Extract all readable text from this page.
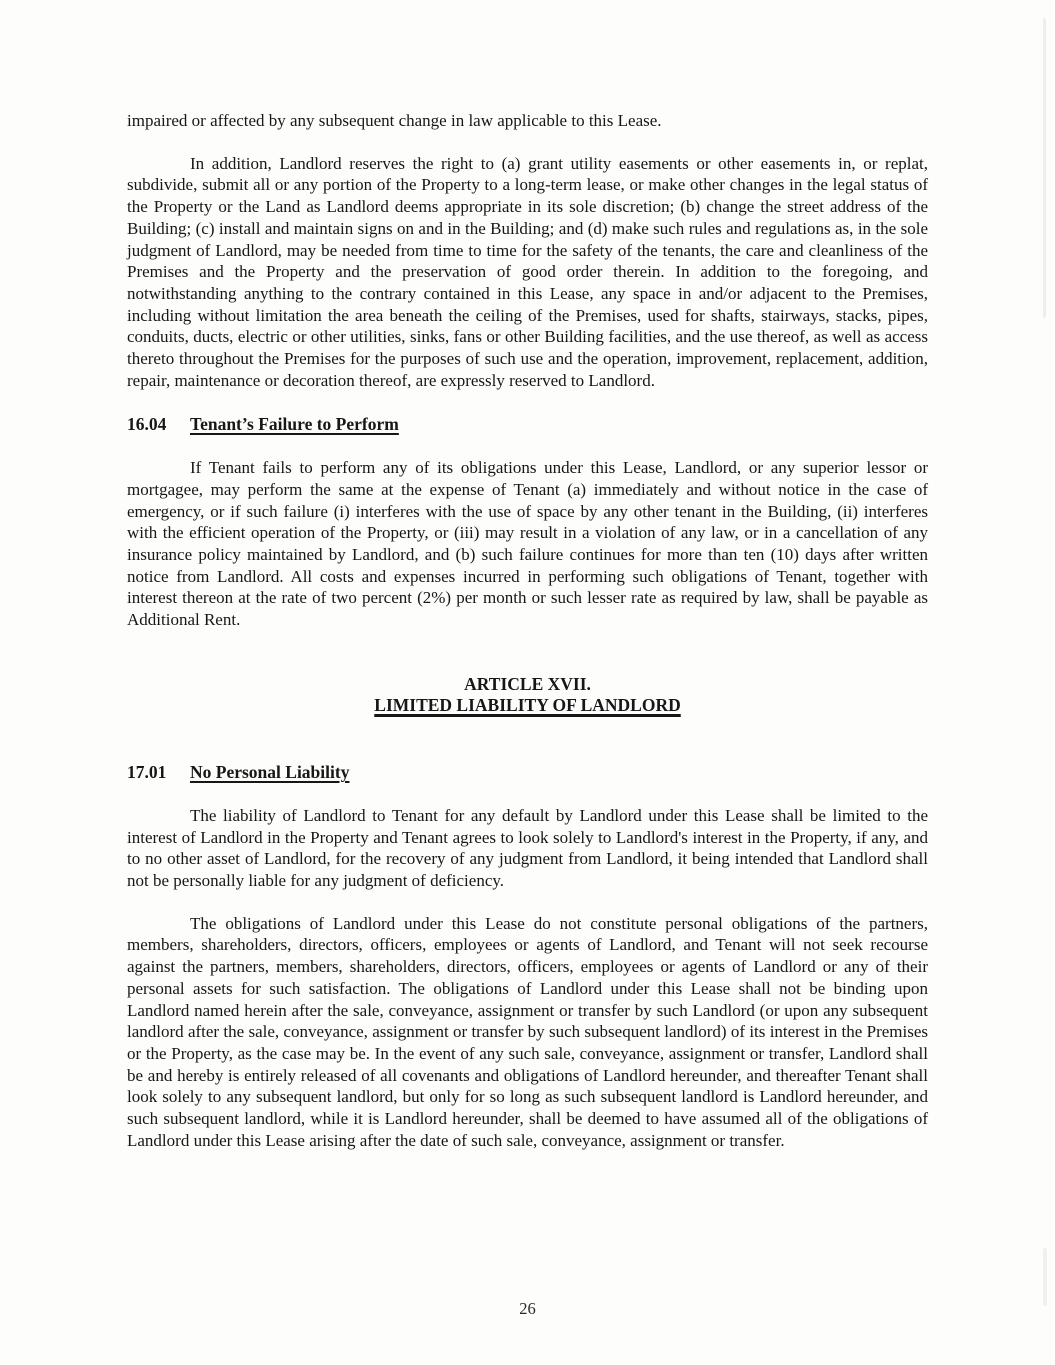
impaired or affected by any subsequent change in law applicable to this Lease.

In addition, Landlord reserves the right to (a) grant utility easements or other easements in, or replat, subdivide, submit all or any portion of the Property to a long-term lease, or make other changes in the legal status of the Property or the Land as Landlord deems appropriate in its sole discretion; (b) change the street address of the Building; (c) install and maintain signs on and in the Building; and (d) make such rules and regulations as, in the sole judgment of Landlord, may be needed from time to time for the safety of the tenants, the care and cleanliness of the Premises and the Property and the preservation of good order therein. In addition to the foregoing, and notwithstanding anything to the contrary contained in this Lease, any space in and/or adjacent to the Premises, including without limitation the area beneath the ceiling of the Premises, used for shafts, stairways, stacks, pipes, conduits, ducts, electric or other utilities, sinks, fans or other Building facilities, and the use thereof, as well as access thereto throughout the Premises for the purposes of such use and the operation, improvement, replacement, addition, repair, maintenance or decoration thereof, are expressly reserved to Landlord.

16.04 Tenant’s Failure to Perform

If Tenant fails to perform any of its obligations under this Lease, Landlord, or any superior lessor or mortgagee, may perform the same at the expense of Tenant (a) immediately and without notice in the case of emergency, or if such failure (i) interferes with the use of space by any other tenant in the Building, (ii) interferes with the efficient operation of the Property, or (iii) may result in a violation of any law, or in a cancellation of any insurance policy maintained by Landlord, and (b) such failure continues for more than ten (10) days after written notice from Landlord. All costs and expenses incurred in performing such obligations of Tenant, together with interest thereon at the rate of two percent (2%) per month or such lesser rate as required by law, shall be payable as Additional Rent.

ARTICLE XVII.
LIMITED LIABILITY OF LANDLORD
17.01 No Personal Liability

The liability of Landlord to Tenant for any default by Landlord under this Lease shall be limited to the interest of Landlord in the Property and Tenant agrees to look solely to Landlord's interest in the Property, if any, and to no other asset of Landlord, for the recovery of any judgment from Landlord, it being intended that Landlord shall not be personally liable for any judgment of deficiency.

The obligations of Landlord under this Lease do not constitute personal obligations of the partners, members, shareholders, directors, officers, employees or agents of Landlord, and Tenant will not seek recourse against the partners, members, shareholders, directors, officers, employees or agents of Landlord or any of their personal assets for such satisfaction. The obligations of Landlord under this Lease shall not be binding upon Landlord named herein after the sale, conveyance, assignment or transfer by such Landlord (or upon any subsequent landlord after the sale, conveyance, assignment or transfer by such subsequent landlord) of its interest in the Premises or the Property, as the case may be. In the event of any such sale, conveyance, assignment or transfer, Landlord shall be and hereby is entirely released of all covenants and obligations of Landlord hereunder, and thereafter Tenant shall look solely to any subsequent landlord, but only for so long as such subsequent landlord is Landlord hereunder, and such subsequent landlord, while it is Landlord hereunder, shall be deemed to have assumed all of the obligations of Landlord under this Lease arising after the date of such sale, conveyance, assignment or transfer.

26
